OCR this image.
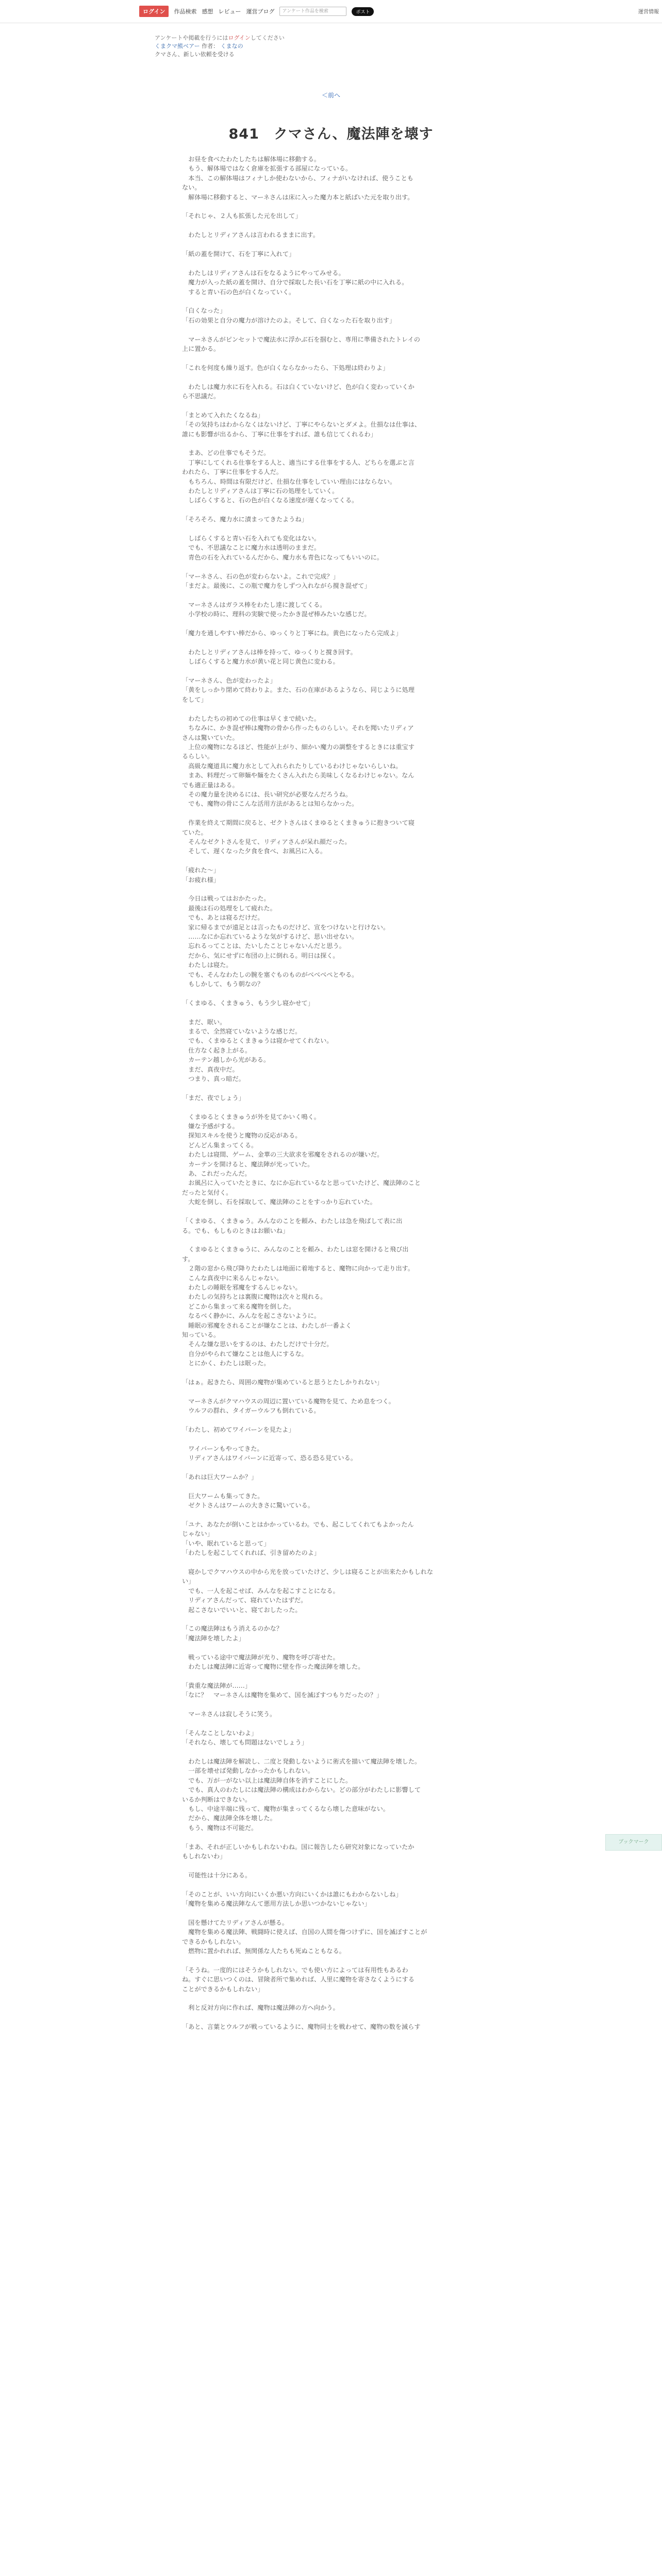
ログイン	作品検索 感想 レビュー 運営ブログ	アンケート作品を検索	ポスト	運営情報
アンケートや掲載を行うにはログインしてください
くまクマ熊ベアー 作者： くまなの
クマさん、新しい依頼を受ける
＜前へ
841　クマさん、魔法陣を壊す

　お昼を食べたわたしたちは解体場に移動する。

　もう、解体場ではなく倉庫を拡張する部屋になっている。

　本当、この解体場はフィナしか使わないから、フィナがいなければ、使うことも

ない。

　解体場に移動すると、マーネさんは床に入った魔力本と紙ばいた元を取り出す。

「それじゃ、２人も拡張した元を出して」

　わたしとリディアさんは言われるままに出す。

「紙の蓋を開けて、石を丁寧に入れて」

　わたしはリディアさんは石をなるようにやってみせる。

　魔力が入った紙の蓋を開け、自分で採取した長い石を丁寧に紙の中に入れる。

　すると青い石の色が白くなっていく。

「白くなった」

「石の効果と自分の魔力が溶けたのよ。そして、白くなった石を取り出す」

　マーネさんがピンセットで魔法水に浮かぶ石を掴むと、専用に準備されたトレイの

上に置かる。

「これを何度も繰り返す。色が白くならなかったら、下処理は終わりよ」

　わたしは魔力水に石を入れる。石は白くていないけど、色が白く変わっていくか

ら不思議だ。

「まとめて入れたくなるね」

「その気持ちはわからなくはないけど、丁寧にやらないとダメよ。仕損なは仕事は、

誰にも影響が出るから、丁寧に仕事をすれば、誰も信じてくれるわ」

　まあ、どの仕事でもそうだ。

　丁寧にしてくれる仕事をする人と、適当にする仕事をする人、どちらを選ぶと言

われたら、丁寧に仕事をする人だ。

　もちろん、時間は有限だけど、仕損な仕事をしていい理由にはならない。

　わたしとリディアさんは丁寧に石の処理をしていく。

　しばらくすると、石の色が白くなる速度が遅くなってくる。

「そろそろ、魔力水に漬まってきたようね」

　しばらくすると青い石を入れても変化はない。

　でも、不思議なことに魔力水は透明のままだ。

　青色の石を入れているんだから、魔力水も青色になってもいいのに。

「マーネさん、石の色が変わらないよ。これで完成？」

「まだよ。最後に、この瓶で魔力をしずつ入れながら撹き混ぜて」

　マーネさんはガラス棒をわたし達に渡してくる。

　小学校の時に、理科の実験で使ったかき混ぜ棒みたいな感じだ。

「魔力を通しやすい棒だから、ゆっくりと丁寧にね。黄色になったら完成よ」

　わたしとリディアさんは棒を持って、ゆっくりと撹き回す。

　しばらくすると魔力水が黄い花と同じ黄色に変わる。

「マーネさん、色が変わったよ」

「黄をしっかり閉めて終わりよ。また、石の在庫があるようなら、同じように処理

をして」

　わたしたちの初めての仕事は早くまで続いた。

　ちなみに、かき混ぜ棒は魔物の骨から作ったものらしい。それを聞いたリディア

さんは驚いていた。

　上位の魔物になるほど、性能が上がり、細かい魔力の調整をするときには重宝す

るらしい。

　高級な魔道具に魔力水として入れられたりしているわけじゃないらしいね。

　まあ、料理だって卵麺や麺をたくさん入れたら美味しくなるわけじゃない。なん

でも適正量はある。

　その魔力量を決めるには、長い研究が必要なんだろうね。

　でも、魔物の骨にこんな活用方法があるとは知らなかった。

　作業を終えて期間に戻ると、ゼクトさんはくまゆるとくまきゅうに抱きついて寝

ていた。

　そんなゼクトさんを見て、リディアさんが呆れ顔だった。

　そして、遅くなった夕食を食べ、お風呂に入る。

「疲れた～」

「お疲れ様」

　今日は戦ってはおかたった。

　最後は石の処理をして疲れた。

　でも、あとは寝るだけだ。

　家に帰るまでが遠足とは言ったものだけど、宣をつけないと行けない。

　……なにか忘れているような気がするけど、思い出せない。

　忘れるってことは、たいしたことじゃないんだと思う。

　だから、気にせずに布団の上に倒れる。明日は探く。

　わたしは寝た。

　でも、そんなわたしの腕を塞ぐものものがべべべぺとやる。

　もしかして、もう朝なの？

「くまゆる、くまきゅう、もう少し寝かせて」

　まだ、眠い。

　まるで、全然寝ていないような感じだ。

　でも、くまゆるとくまきゅうは寝かせてくれない。

　仕方なく起き上がる。

　カーテン越しから光がある。

　まだ、真夜中だ。

　つまり、真っ暗だ。

「まだ、夜でしょう」

　くまゆるとくまきゅうが外を見てかいく鳴く。

　嫌な予感がする。

　探知スキルを使うと魔物の反応がある。

　どんどん集まってくる。

　わたしは寝間、ゲーム、金華の三大欲求を邪魔をされるのが嫌いだ。

　カーテンを開けると、魔法陣が光っていた。

　あ、これだったんだ。

　お風呂に入っていたときに、なにか忘れているなと思っていたけど、魔法陣のこと

だったと気付く。

　大蛇を倒し、石を採取して、魔法陣のことをすっかり忘れていた。

「くまゆる、くまきゅう。みんなのことを頼み、わたしは急を飛ばして表に出

る。でも、もしものときはお願いね」

　くまゆるとくまきゅうに、みんなのことを頼み、わたしは窓を開けると飛び出

す。

　２階の窓から飛び降りたわたしは地面に着地すると、魔物に向かって走り出す。

　こんな真夜中に来るんじゃない。

　わたしの睡眠を邪魔をするんじゃない。

　わたしの気持ちとは裏腹に魔物は次々と現れる。

　どこから集まって来る魔物を倒した。

　なるべく静かに、みんなを起こさないように。

　睡眠の邪魔をされることが嫌なことは、わたしが一番よく

知っている。

　そんな嫌な思いをするのは、わたしだけで十分だ。

　自分がやられて嫌なことは他人にするな。

　とにかく、わたしは眠った。

「はぁ。起きたら、周囲の魔物が集めていると思うとたしかりれない」

　マーネさんがクマハウスの周辺に置いている魔物を見て、ため息をつく。

　ウルフの群れ、タイガーウルフも倒れている。

「わたし、初めてワイバーンを見たよ」

　ワイバーンもやってきた。

　リディアさんはワイバーンに近寄って、恐る恐る見ている。

「あれは巨大ワームか？」

　巨大ワームも集ってきた。

　ゼクトさんはワームの大きさに驚いている。

「ユナ、あなたが倒いことはかかっているわ。でも、起こしてくれてもよかったん

じゃない」

「いや、眠れていると思って」

「わたしを起こしてくれれば、引き留めたのよ」

　寝かしでクマハウスの中から光を放っていたけど、少しは寝ることが出来たかもしれな

い」

　でも、一人を起こせば、みんなを起こすことになる。

　リディアさんだって、寝れていたはずだ。

　起こさないでいいと、寝ておしたった。

「この魔法陣はもう消えるのかな？

「魔法陣を壊したよ」

　戦っている途中で魔法陣が光り、魔物を呼び寄せた。

　わたしは魔法陣に近寄って魔物に壁を作った魔法陣を壊した。

「貴重な魔法陣が……」

「なに？　マーネさんは魔物を集めて、国を滅ぼすつもりだったの？」

　マーネさんは寂しそうに笑う。

「そんなことしないわよ」

「それなら、壊しても問題はないでしょう」

　わたしは魔法陣を解読し、二度と発動しないように術式を描いて魔法陣を壊した。

　一部を壊せば発動しなかったかもしれない。

　でも、万が一がない以上は魔法陣自体を消すことにした。

　でも、真人のわたしには魔法陣の構成はわからない。どの部分がわたしに影響して

いるか判断はできない。

　もし、中途半端に残って、魔物が集まってくるなら壊した意味がない。

　だから、魔法陣全体を壊した。

　もう、魔物は不可能だ。

「まあ、それが正しいかもしれないわね。国に報告したら研究対象になっていたか

もしれないわ」

　可能性は十分にある。

「そのことが、いい方向にいくか悪い方向にいくかは誰にもわからないしね」

「魔物を集める魔法陣なんて悪用方法しか思いつかないじゃない」

　国を懸けてたリディアさんが懸る。

　魔物を集める魔法陣、戦闘時に使えば、自国の人間を傷つけずに、国を滅ぼすことが

できるかもしれない。

　燃物に置かれれば、無関係な人たちも死ぬこともなる。

「そうね。一度的にはそうかもしれない。でも使い方によっては有用性もあるわ

ね。すぐに思いつくのは、冒険者所で集めれば、人里に魔物を寄さなくようにする

ことができるかもしれない」

　利と反対方向に作れば、魔物は魔法陣の方へ向かう。

「あと、言葉とウルフが戦っているように、魔物同士を戦わせて、魔物の数を減らす

ブックマーク
